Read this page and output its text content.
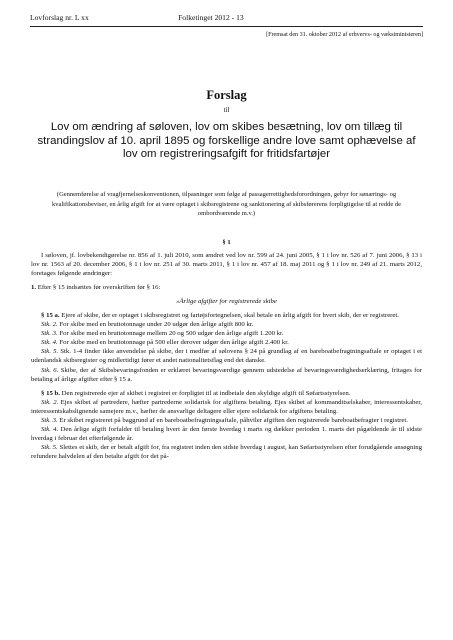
Lovforslag nr. L xx	Folketinget 2012 - 13
[Fremsat den 31. oktober 2012 af erhvervs- og vækstministeren]
Forslag
til
Lov om ændring af søloven, lov om skibes besætning, lov om tillæg til strandingslov af 10. april 1895 og forskellige andre love samt ophævelse af lov om registreringsafgift for fritidsfartøjer
(Gennemførelse af vragfjernelseskonventionen, tilpasninger som følge af passagerrettighedsforordningen, gebyr for sønærings- og kvalifikationsbeviser, en årlig afgift for at være optaget i skibsregistrene og sanktionering af skibsførerens forpligtigelse til at redde de ombordværende m.v.)
§ 1

I søloven, jf. lovbekendtgørelse nr. 856 af 1. juli 2010, som ændret ved lov nr. 599 af 24. juni 2005, § 1 i lov nr. 526 af 7. juni 2006, § 13 i lov nr. 1563 af 20. december 2006, § 1 i lov nr. 251 af 30. marts 2011, § 1 i lov nr. 457 af 18. maj 2011 og § 1 i lov nr. 249 af 21. marts 2012, foretages følgende ændringer:

1. Efter § 15 indsættes før overskriften før § 16:

»Årlige afgifter for registrerede skibe

§ 15 a. Ejere af skibe, der er optaget i skibsregistret og fartøjsfortegnelsen, skal betale en årlig afgift for hvert skib, der er registreret.

Stk. 2. For skibe med en bruttotonnage under 20 udgør den årlige afgift 800 kr.

Stk. 3. For skibe med en bruttotonnage mellem 20 og 500 udgør den årlige afgift 1.200 kr.

Stk. 4. For skibe med en bruttotonnage på 500 eller derover udgør den årlige afgift 2.400 kr.

Stk. 5. Stk. 1-4 finder ikke anvendelse på skibe, der i medfør af sølovens § 24 på grundlag af en bareboatbefragtningsaftale er optaget i et udenlandsk skibsregister og midlertidigt fører et andet nationalitetsflag end det danske.

Stk. 6. Skibe, der af Skibsbevaringsfonden er erklæret bevaringsværdige gennem udstedelse af bevaringsværdighedserklæring, fritages for betaling af årlige afgifter efter § 15 a.

§ 15 b. Den registrerede ejer af skibet i registret er forpligtet til at indbetale den skyldige afgift til Søfartsstyrelsen.

Stk. 2. Ejes skibet af partrederе, hæfter partrederne solidarisk for afgiftens betaling. Ejes skibet af kommanditselskaber, interessentskaber, interessentskabslignende samejere m.v., hæfter de ansvarlige deltagere eller ejere solidarisk for afgiftens betaling.

Stk. 3. Er skibet registreret på baggrund af en bareboatbefragtningsaftale, påhviler afgiften den registrerede bareboatbefragter i registret.

Stk. 4. Den årlige afgift forfalder til betaling hvert år den første hverdag i marts og dækker perioden 1. marts det pågældende år til sidste hverdag i februar det efterfølgende år.

Stk. 5. Slettes et skib, der er betalt afgift for, fra registret inden den sidste hverdag i august, kan Søfartsstyrelsen efter forudgående ansøgning refundere halvdelen af den betalte afgift for det på-
